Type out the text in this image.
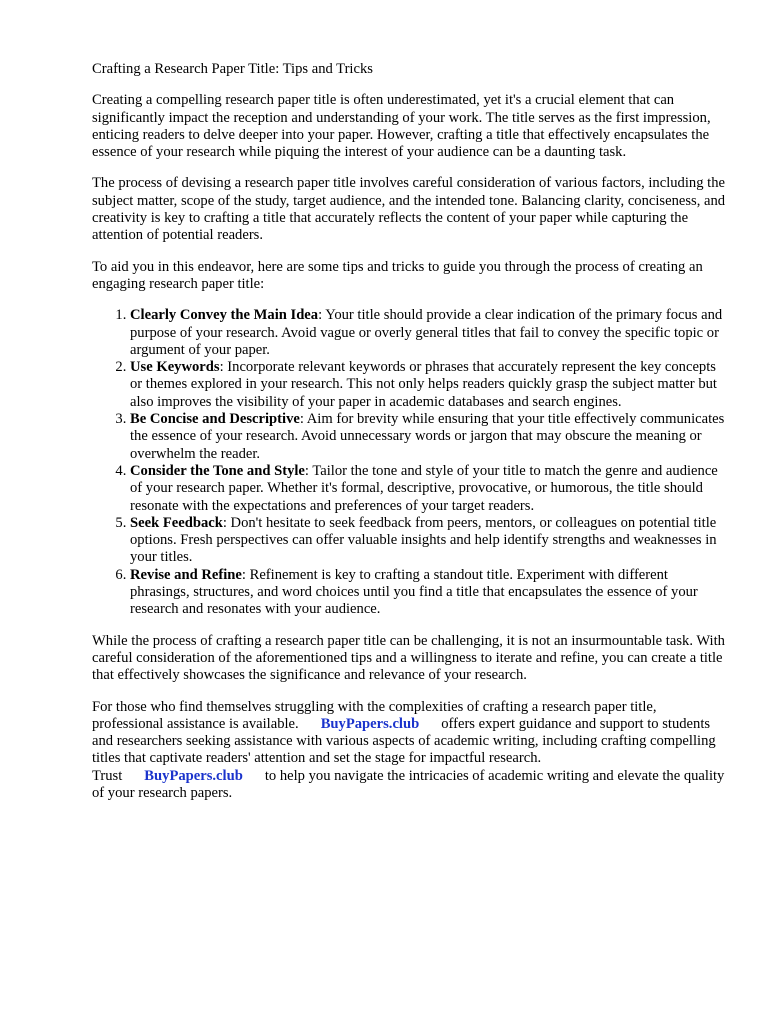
Crafting a Research Paper Title: Tips and Tricks

Creating a compelling research paper title is often underestimated, yet it's a crucial element that can significantly impact the reception and understanding of your work. The title serves as the first impression, enticing readers to delve deeper into your paper. However, crafting a title that effectively encapsulates the essence of your research while piquing the interest of your audience can be a daunting task.

The process of devising a research paper title involves careful consideration of various factors, including the subject matter, scope of the study, target audience, and the intended tone. Balancing clarity, conciseness, and creativity is key to crafting a title that accurately reflects the content of your paper while capturing the attention of potential readers.

To aid you in this endeavor, here are some tips and tricks to guide you through the process of creating an engaging research paper title:

1. Clearly Convey the Main Idea: Your title should provide a clear indication of the primary focus and purpose of your research. Avoid vague or overly general titles that fail to convey the specific topic or argument of your paper.
2. Use Keywords: Incorporate relevant keywords or phrases that accurately represent the key concepts or themes explored in your research. This not only helps readers quickly grasp the subject matter but also improves the visibility of your paper in academic databases and search engines.
3. Be Concise and Descriptive: Aim for brevity while ensuring that your title effectively communicates the essence of your research. Avoid unnecessary words or jargon that may obscure the meaning or overwhelm the reader.
4. Consider the Tone and Style: Tailor the tone and style of your title to match the genre and audience of your research paper. Whether it's formal, descriptive, provocative, or humorous, the title should resonate with the expectations and preferences of your target readers.
5. Seek Feedback: Don't hesitate to seek feedback from peers, mentors, or colleagues on potential title options. Fresh perspectives can offer valuable insights and help identify strengths and weaknesses in your titles.
6. Revise and Refine: Refinement is key to crafting a standout title. Experiment with different phrasings, structures, and word choices until you find a title that encapsulates the essence of your research and resonates with your audience.

While the process of crafting a research paper title can be challenging, it is not an insurmountable task. With careful consideration of the aforementioned tips and a willingness to iterate and refine, you can create a title that effectively showcases the significance and relevance of your research.

For those who find themselves struggling with the complexities of crafting a research paper title, professional assistance is available. BuyPapers.club offers expert guidance and support to students and researchers seeking assistance with various aspects of academic writing, including crafting compelling titles that captivate readers' attention and set the stage for impactful research. Trust BuyPapers.club to help you navigate the intricacies of academic writing and elevate the quality of your research papers.
